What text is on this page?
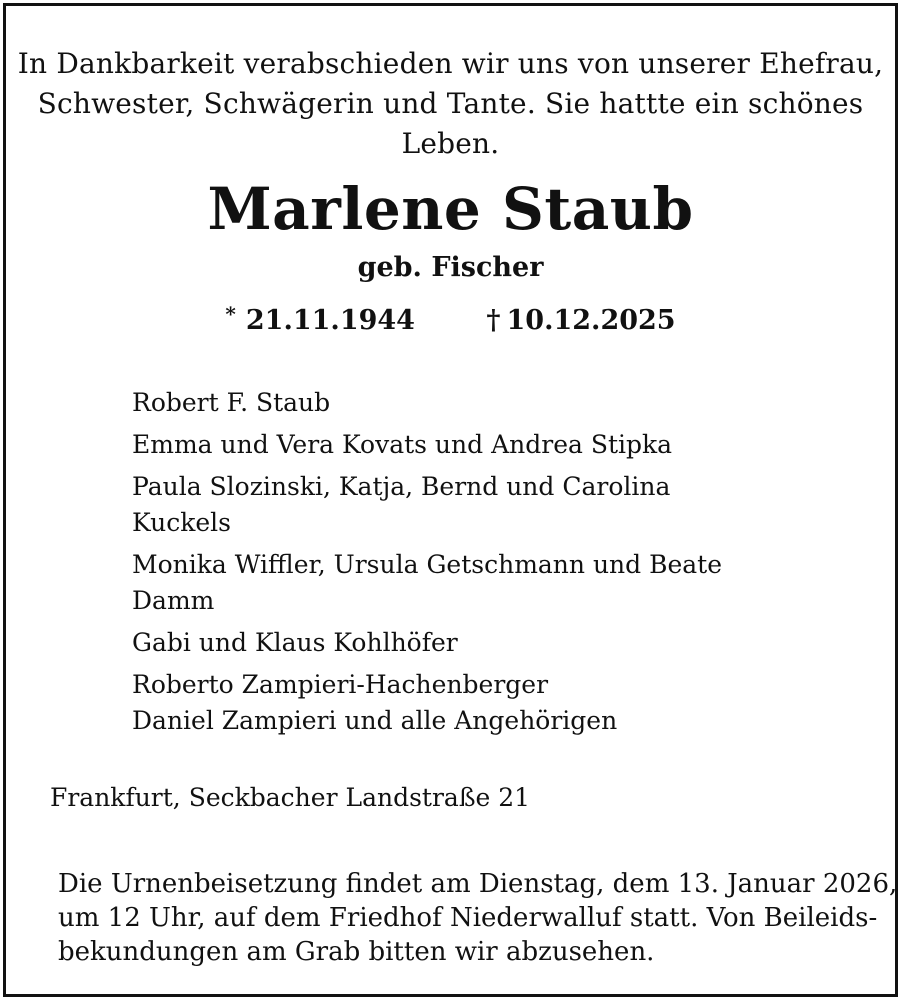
In Dankbarkeit verabschieden wir uns von unserer Ehefrau,
Schwester, Schwägerin und Tante. Sie hattte ein schönes Leben.
Marlene Staub
geb. Fischer
* 21.11.1944	† 10.12.2025
Robert F. Staub
Emma und Vera Kovats und Andrea Stipka
Paula Slozinski, Katja, Bernd und Carolina Kuckels
Monika Wiffler, Ursula Getschmann und Beate
Damm
Gabi und Klaus Kohlhöfer
Roberto Zampieri-Hachenberger
Daniel Zampieri und alle Angehörigen
Frankfurt, Seckbacher Landstraße 21
Die Urnenbeisetzung findet am Dienstag, dem 13. Januar 2026,
um 12 Uhr, auf dem Friedhof Niederwalluf statt. Von Beileids-
bekundungen am Grab bitten wir abzusehen.
